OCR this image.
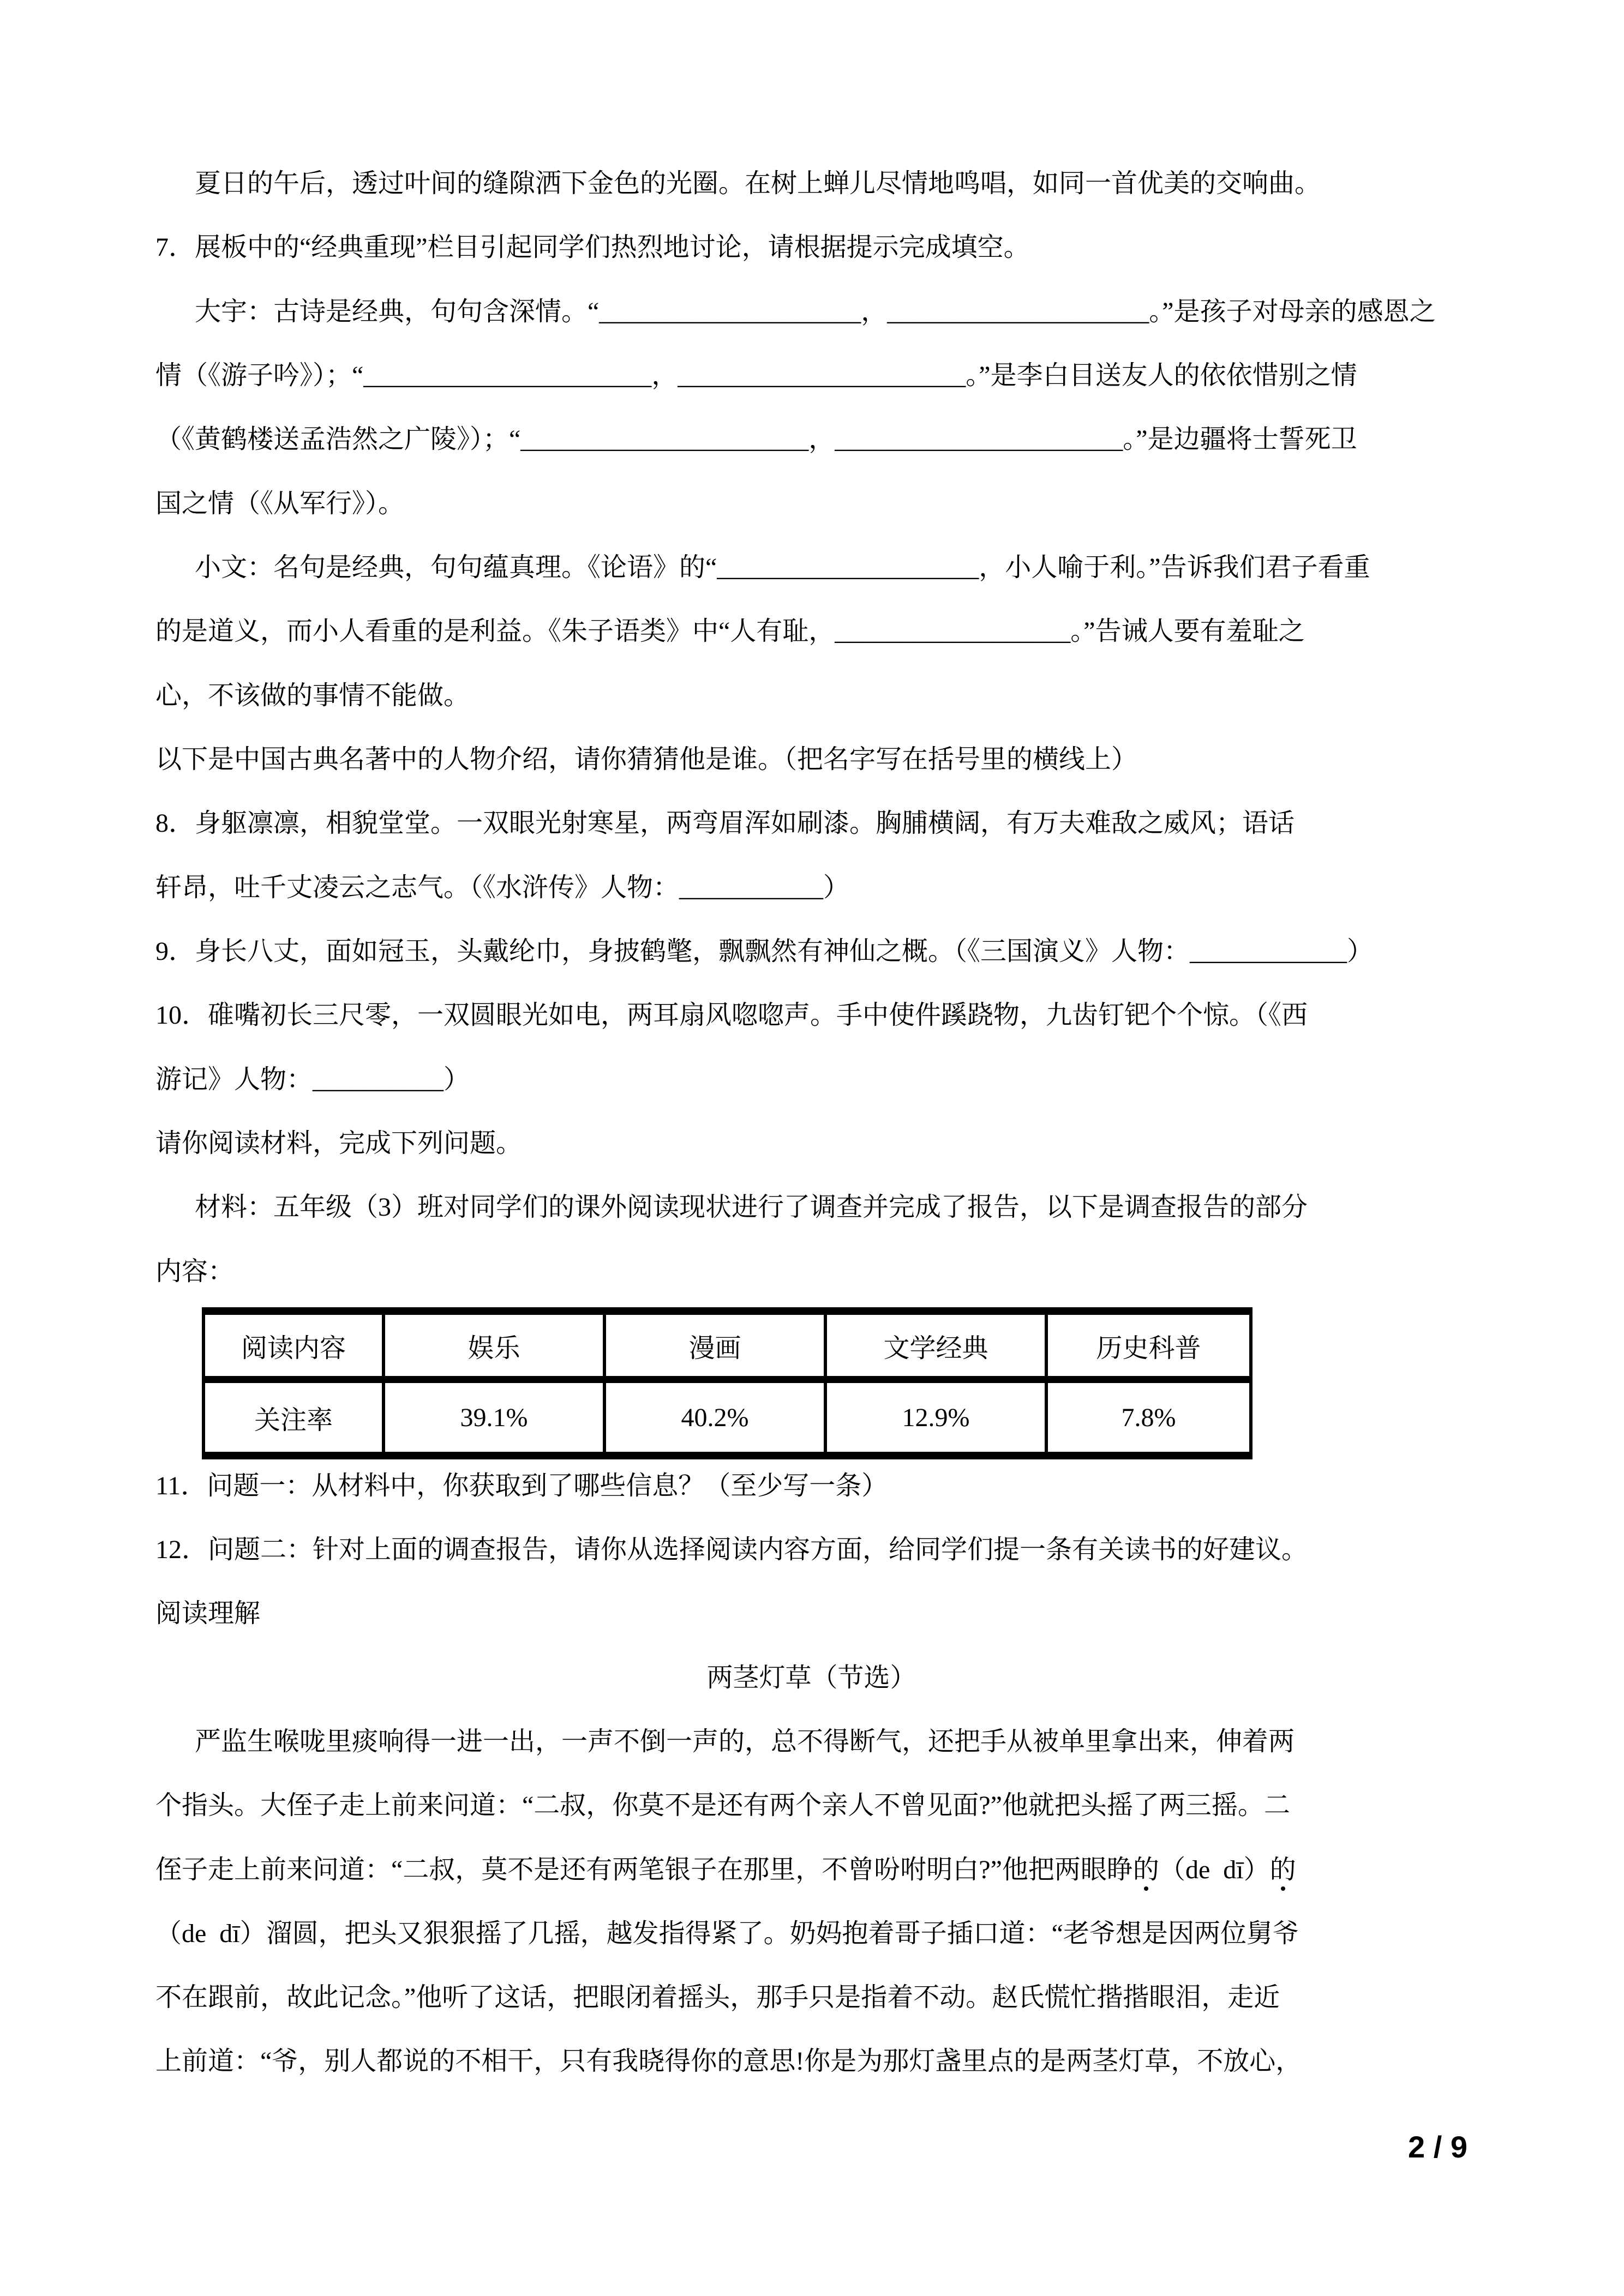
夏日的午后，透过叶间的缝隙洒下金色的光圈。在树上蝉儿尽情地鸣唱，如同一首优美的交响曲。
7．展板中的“经典重现”栏目引起同学们热烈地讨论，请根据提示完成填空。
大宇：古诗是经典，句句含深情。“____________________，____________________。”是孩子对母亲的感恩之
情（《游子吟》）；“______________________，______________________。”是李白目送友人的依依惜别之情
（《黄鹤楼送孟浩然之广陵》）；“______________________，______________________。”是边疆将士誓死卫
国之情（《从军行》）。
小文：名句是经典，句句蕴真理。《论语》的“____________________，小人喻于利。”告诉我们君子看重
的是道义，而小人看重的是利益。《朱子语类》中“人有耻，__________________。”告诫人要有羞耻之
心，不该做的事情不能做。
以下是中国古典名著中的人物介绍，请你猜猜他是谁。（把名字写在括号里的横线上）
8．身躯凛凛，相貌堂堂。一双眼光射寒星，两弯眉浑如刷漆。胸脯横阔，有万夫难敌之威风；语话
轩昂，吐千丈凌云之志气。（《水浒传》人物：___________）
9．身长八丈，面如冠玉，头戴纶巾，身披鹤氅，飘飘然有神仙之概。（《三国演义》人物：____________）
10．碓嘴初长三尺零，一双圆眼光如电，两耳扇风唿唿声。手中使件蹊跷物，九齿钉钯个个惊。（《西
游记》人物：__________）
请你阅读材料，完成下列问题。
材料：五年级（3）班对同学们的课外阅读现状进行了调查并完成了报告，以下是调查报告的部分
内容：
阅读内容	娱乐	漫画	文学经典	历史科普
关注率	39.1%	40.2%	12.9%	7.8%
11．问题一：从材料中，你获取到了哪些信息？（至少写一条）
12．问题二：针对上面的调查报告，请你从选择阅读内容方面，给同学们提一条有关读书的好建议。
阅读理解
两茎灯草（节选）
严监生喉咙里痰响得一进一出，一声不倒一声的，总不得断气，还把手从被单里拿出来，伸着两
个指头。大侄子走上前来问道：“二叔，你莫不是还有两个亲人不曾见面?”他就把头摇了两三摇。二
侄子走上前来问道：“二叔，莫不是还有两笔银子在那里，不曾吩咐明白?”他把两眼睁的（de  dī）的
（de  dī）溜圆，把头又狠狠摇了几摇，越发指得紧了。奶妈抱着哥子插口道：“老爷想是因两位舅爷
不在跟前，故此记念。”他听了这话，把眼闭着摇头，那手只是指着不动。赵氏慌忙揩揩眼泪，走近
上前道：“爷，别人都说的不相干，只有我晓得你的意思!你是为那灯盏里点的是两茎灯草，不放心，
2 / 9
